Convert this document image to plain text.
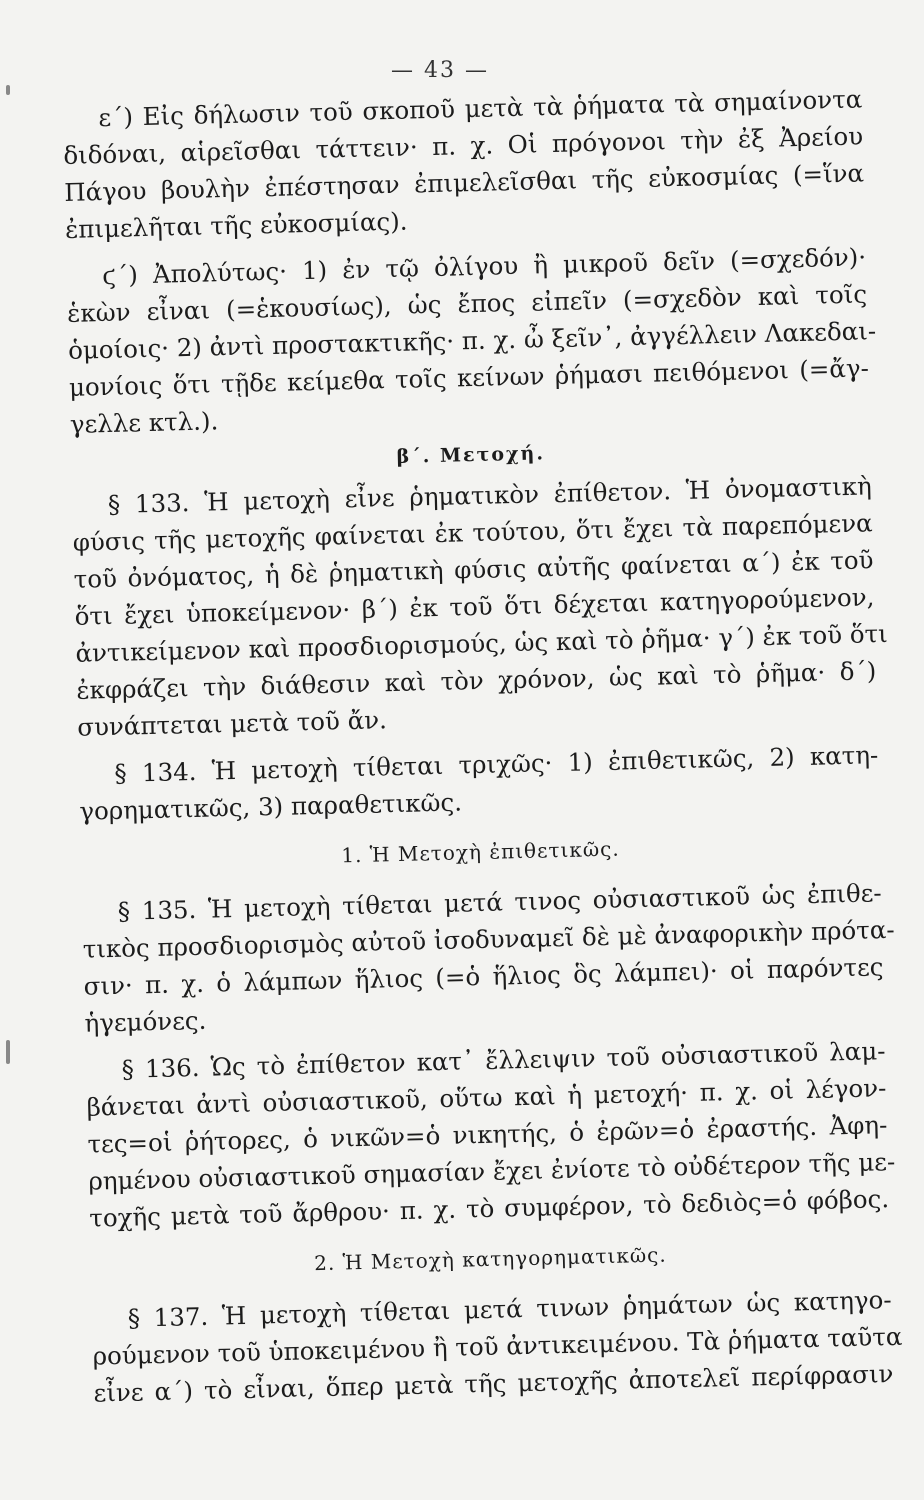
— 43 —
ε΄) Εἰς δήλωσιν τοῦ σκοποῦ μετὰ τὰ ῥήματα τὰ σημαίνοντα
διδόναι, αἱρεῖσθαι τάττειν· π. χ. Οἱ πρόγονοι τὴν ἐξ Ἀρείου
Πάγου βουλὴν ἐπέστησαν ἐπιμελεῖσθαι τῆς εὐκοσμίας (=ἵνα
ἐπιμελῆται τῆς εὐκοσμίας).
ϛ΄) Ἀπολύτως· 1) ἐν τῷ ὀλίγου ἢ μικροῦ δεῖν (=σχεδόν)·
ἑκὼν εἶναι (=ἑκουσίως), ὡς ἔπος εἰπεῖν (=σχεδὸν καὶ τοῖς
ὁμοίοις· 2) ἀντὶ προστακτικῆς· π. χ. ὦ ξεῖν᾽, ἀγγέλλειν Λακεδαι-
μονίοις ὅτι τῇδε κείμεθα τοῖς κείνων ῥήμασι πειθόμενοι (=ἄγ-
γελλε κτλ.).
β΄. Μετοχή.
§ 133. Ἡ μετοχὴ εἶνε ῥηματικὸν ἐπίθετον. Ἡ ὀνομαστικὴ
φύσις τῆς μετοχῆς φαίνεται ἐκ τούτου, ὅτι ἔχει τὰ παρεπόμενα
τοῦ ὀνόματος, ἡ δὲ ῥηματικὴ φύσις αὐτῆς φαίνεται α΄) ἐκ τοῦ
ὅτι ἔχει ὑποκείμενον· β΄) ἐκ τοῦ ὅτι δέχεται κατηγορούμενον,
ἀντικείμενον καὶ προσδιορισμούς, ὡς καὶ τὸ ῥῆμα· γ΄) ἐκ τοῦ ὅτι
ἐκφράζει τὴν διάθεσιν καὶ τὸν χρόνον, ὡς καὶ τὸ ῥῆμα· δ΄)
συνάπτεται μετὰ τοῦ ἄν.
§ 134. Ἡ μετοχὴ τίθεται τριχῶς· 1) ἐπιθετικῶς, 2) κατη-
γορηματικῶς, 3) παραθετικῶς.
1. Ἡ Μετοχὴ ἐπιθετικῶς.
§ 135. Ἡ μετοχὴ τίθεται μετά τινος οὐσιαστικοῦ ὡς ἐπιθε-
τικὸς προσδιορισμὸς αὐτοῦ ἰσοδυναμεῖ δὲ μὲ ἀναφορικὴν πρότα-
σιν· π. χ. ὁ λάμπων ἥλιος (=ὁ ἥλιος ὃς λάμπει)· οἱ παρόντες
ἡγεμόνες.
§ 136. Ὡς τὸ ἐπίθετον κατ᾽ ἔλλειψιν τοῦ οὐσιαστικοῦ λαμ-
βάνεται ἀντὶ οὐσιαστικοῦ, οὕτω καὶ ἡ μετοχή· π. χ. οἱ λέγον-
τες=οἱ ῥήτορες, ὁ νικῶν=ὁ νικητής, ὁ ἐρῶν=ὁ ἐραστής. Ἀφη-
ρημένου οὐσιαστικοῦ σημασίαν ἔχει ἐνίοτε τὸ οὐδέτερον τῆς με-
τοχῆς μετὰ τοῦ ἄρθρου· π. χ. τὸ συμφέρον, τὸ δεδιὸς=ὁ φόβος.
2. Ἡ Μετοχὴ κατηγορηματικῶς.
§ 137. Ἡ μετοχὴ τίθεται μετά τινων ῥημάτων ὡς κατηγο-
ρούμενον τοῦ ὑποκειμένου ἢ τοῦ ἀντικειμένου. Τὰ ῥήματα ταῦτα
εἶνε α΄) τὸ εἶναι, ὅπερ μετὰ τῆς μετοχῆς ἀποτελεῖ περίφρασιν
